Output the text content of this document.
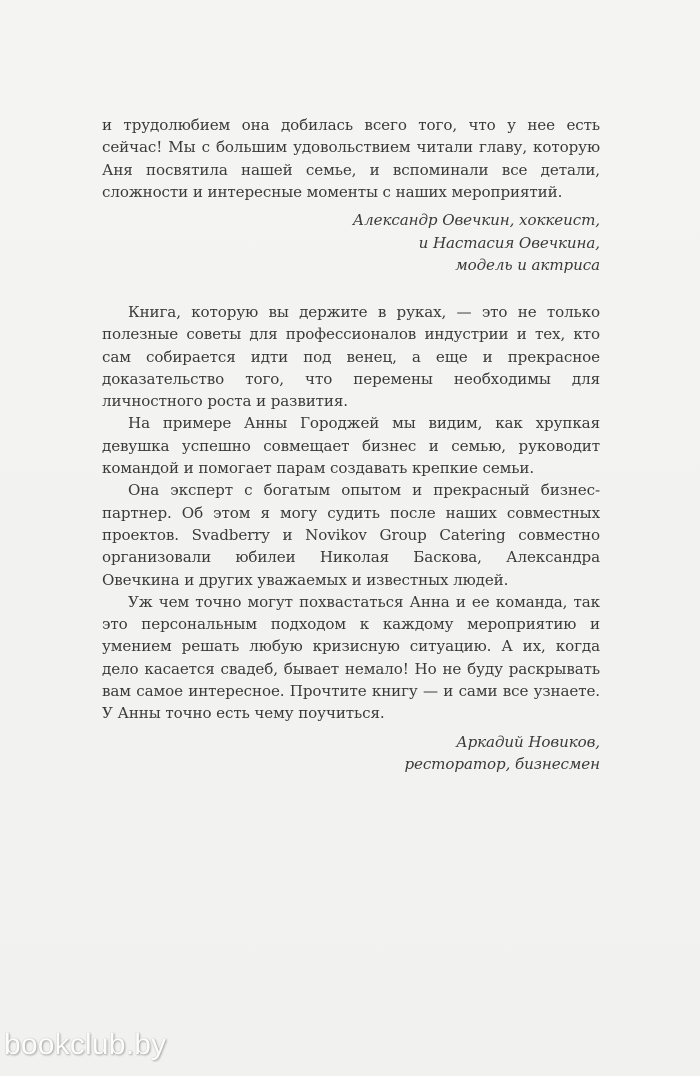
и трудолюбием она добилась всего того, что у нее есть сейчас! Мы с большим удовольствием читали главу, которую Аня посвятила нашей семье, и вспоминали все детали, сложности и интересные моменты с наших мероприятий.

Александр Овечкин, хоккеист,

и Настасия Овечкина,

модель и актриса

Книга, которую вы держите в руках, — это не только полезные советы для профессионалов индустрии и тех, кто сам собирается идти под венец, а еще и прекрасное доказательство того, что перемены необходимы для личностного роста и развития.

На примере Анны Городжей мы видим, как хрупкая девушка успешно совмещает бизнес и семью, руководит командой и помогает парам создавать крепкие семьи.

Она эксперт с богатым опытом и прекрасный бизнес-партнер. Об этом я могу судить после наших совместных проектов. Svadberry и Novikov Group Catering совместно организовали юбилеи Николая Баскова, Александра Овечкина и других уважаемых и известных людей.

Уж чем точно могут похвастаться Анна и ее команда, так это персональным подходом к каждому мероприятию и умением решать любую кризисную ситуацию. А их, когда дело касается свадеб, бывает немало! Но не буду раскрывать вам самое интересное. Прочтите книгу — и сами все узнаете. У Анны точно есть чему поучиться.

Аркадий Новиков,

ресторатор, бизнесмен

bookclub.by
